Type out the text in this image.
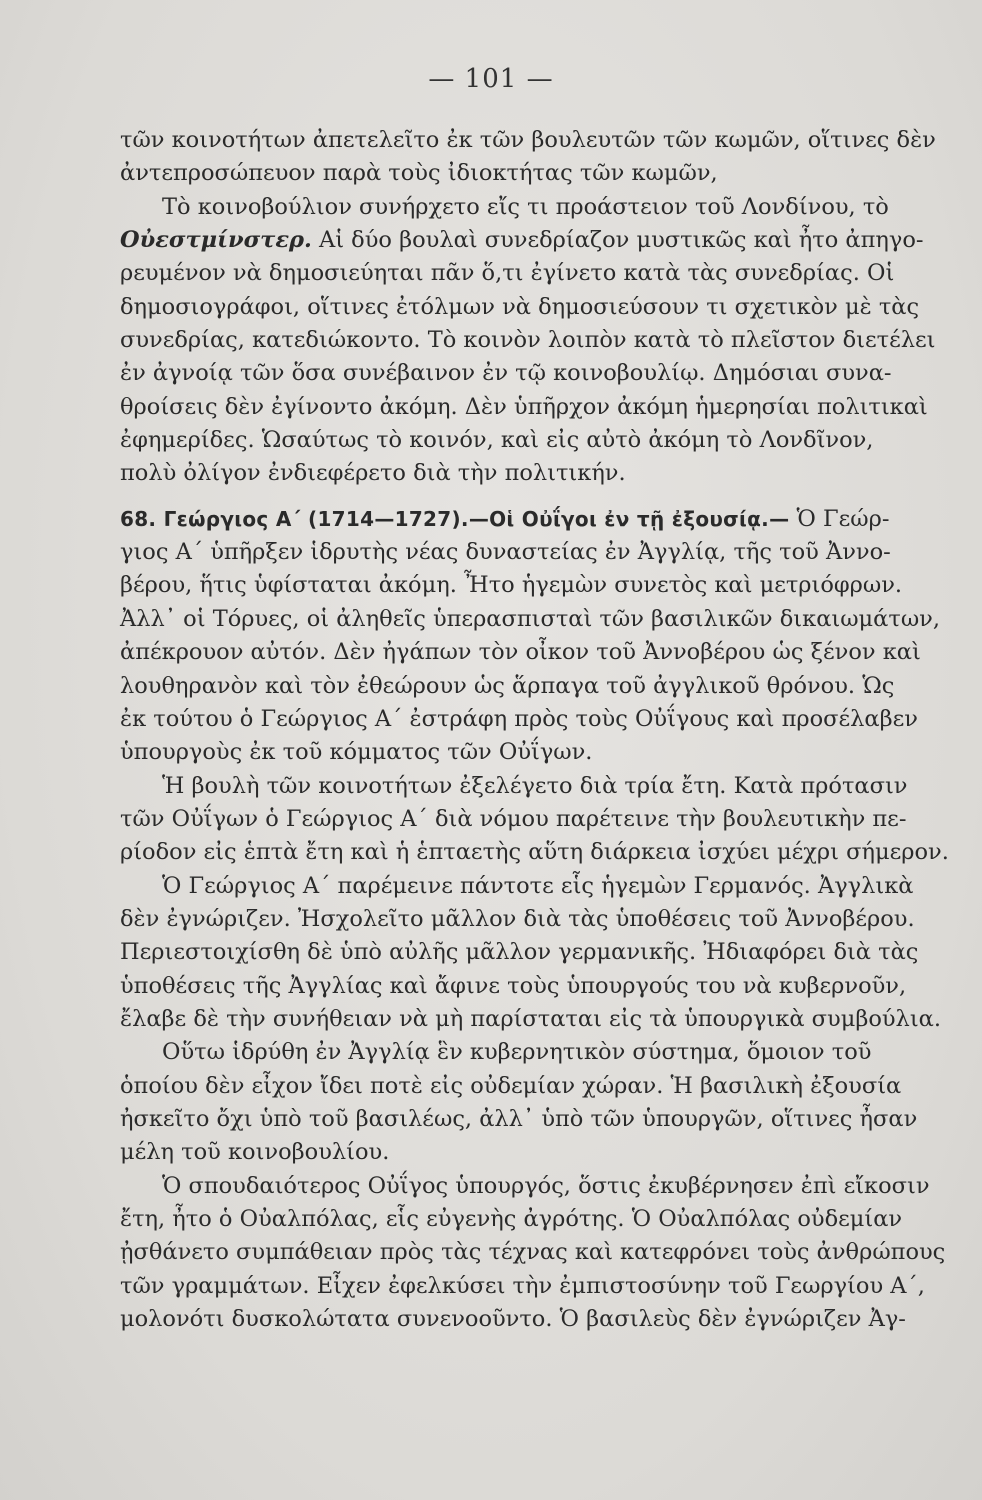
— 101 —
τῶν κοινοτήτων ἀπετελεῖτο ἐκ τῶν βουλευτῶν τῶν κωμῶν, οἵτινες δὲν
ἀντεπροσώπευον παρὰ τοὺς ἰδιοκτήτας τῶν κωμῶν,
Τὸ κοινοβούλιον συνήρχετο εἴς τι προάστειον τοῦ Λονδίνου, τὸ
Οὐεστμίνστερ. Αἱ δύο βουλαὶ συνεδρίαζον μυστικῶς καὶ ἦτο ἀπηγο-
ρευμένον νὰ δημοσιεύηται πᾶν ὅ,τι ἐγίνετο κατὰ τὰς συνεδρίας. Οἱ
δημοσιογράφοι, οἵτινες ἐτόλμων νὰ δημοσιεύσουν τι σχετικὸν μὲ τὰς
συνεδρίας, κατεδιώκοντο. Τὸ κοινὸν λοιπὸν κατὰ τὸ πλεῖστον διετέλει
ἐν ἀγνοίᾳ τῶν ὅσα συνέβαινον ἐν τῷ κοινοβουλίῳ. Δημόσιαι συνα-
θροίσεις δὲν ἐγίνοντο ἀκόμη. Δὲν ὑπῆρχον ἀκόμη ἡμερησίαι πολιτικαὶ
ἐφημερίδες. Ὡσαύτως τὸ κοινόν, καὶ εἰς αὐτὸ ἀκόμη τὸ Λονδῖνον,
πολὺ ὀλίγον ἐνδιεφέρετο διὰ τὴν πολιτικήν.
68. Γεώργιος Α΄ (1714—1727).—Οἱ Οὐΐγοι ἐν τῇ ἐξουσίᾳ.— Ὁ Γεώρ-
γιος Α΄ ὑπῆρξεν ἱδρυτὴς νέας δυναστείας ἐν Ἀγγλίᾳ, τῆς τοῦ Ἀννο-
βέρου, ἥτις ὑφίσταται ἀκόμη. Ἦτο ἡγεμὼν συνετὸς καὶ μετριόφρων.
Ἀλλ᾽ οἱ Τόρυες, οἱ ἀληθεῖς ὑπερασπισταὶ τῶν βασιλικῶν δικαιωμάτων,
ἀπέκρουον αὐτόν. Δὲν ἠγάπων τὸν οἶκον τοῦ Ἀννοβέρου ὡς ξένον καὶ
λουθηρανὸν καὶ τὸν ἐθεώρουν ὡς ἅρπαγα τοῦ ἀγγλικοῦ θρόνου. Ὡς
ἐκ τούτου ὁ Γεώργιος Α΄ ἐστράφη πρὸς τοὺς Οὐΐγους καὶ προσέλαβεν
ὑπουργοὺς ἐκ τοῦ κόμματος τῶν Οὐΐγων.
Ἡ βουλὴ τῶν κοινοτήτων ἐξελέγετο διὰ τρία ἔτη. Κατὰ πρότασιν
τῶν Οὐΐγων ὁ Γεώργιος Α΄ διὰ νόμου παρέτεινε τὴν βουλευτικὴν πε-
ρίοδον εἰς ἑπτὰ ἔτη καὶ ἡ ἑπταετὴς αὕτη διάρκεια ἰσχύει μέχρι σήμερον.
Ὁ Γεώργιος Α΄ παρέμεινε πάντοτε εἷς ἡγεμὼν Γερμανός. Ἀγγλικὰ
δὲν ἐγνώριζεν. Ἠσχολεῖτο μᾶλλον διὰ τὰς ὑποθέσεις τοῦ Ἀννοβέρου.
Περιεστοιχίσθη δὲ ὑπὸ αὐλῆς μᾶλλον γερμανικῆς. Ἠδιαφόρει διὰ τὰς
ὑποθέσεις τῆς Ἀγγλίας καὶ ἄφινε τοὺς ὑπουργούς του νὰ κυβερνοῦν,
ἔλαβε δὲ τὴν συνήθειαν νὰ μὴ παρίσταται εἰς τὰ ὑπουργικὰ συμβούλια.
Οὕτω ἱδρύθη ἐν Ἀγγλίᾳ ἓν κυβερνητικὸν σύστημα, ὅμοιον τοῦ
ὁποίου δὲν εἶχον ἴδει ποτὲ εἰς οὐδεμίαν χώραν. Ἡ βασιλικὴ ἐξουσία
ἠσκεῖτο ὄχι ὑπὸ τοῦ βασιλέως, ἀλλ᾽ ὑπὸ τῶν ὑπουργῶν, οἵτινες ἦσαν
μέλη τοῦ κοινοβουλίου.
Ὁ σπουδαιότερος Οὐΐγος ὑπουργός, ὅστις ἐκυβέρνησεν ἐπὶ εἴκοσιν
ἔτη, ἦτο ὁ Οὐαλπόλας, εἷς εὐγενὴς ἀγρότης. Ὁ Οὐαλπόλας οὐδεμίαν
ᾐσθάνετο συμπάθειαν πρὸς τὰς τέχνας καὶ κατεφρόνει τοὺς ἀνθρώπους
τῶν γραμμάτων. Εἶχεν ἐφελκύσει τὴν ἐμπιστοσύνην τοῦ Γεωργίου Α΄,
μολονότι δυσκολώτατα συνενοοῦντο. Ὁ βασιλεὺς δὲν ἐγνώριζεν Ἀγ-
